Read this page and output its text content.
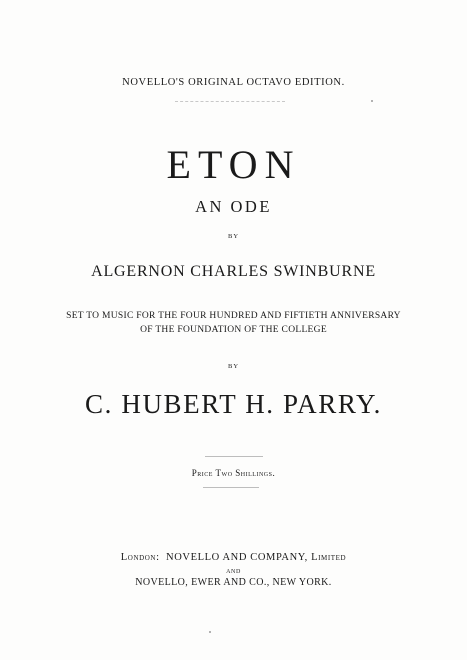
NOVELLO'S ORIGINAL OCTAVO EDITION.
ETON
AN ODE
BY
ALGERNON CHARLES SWINBURNE
SET TO MUSIC FOR THE FOUR HUNDRED AND FIFTIETH ANNIVERSARY
OF THE FOUNDATION OF THE COLLEGE
BY
C. HUBERT H. PARRY.
Price Two Shillings.
London: NOVELLO AND COMPANY, Limited
AND
NOVELLO, EWER AND CO., NEW YORK.
